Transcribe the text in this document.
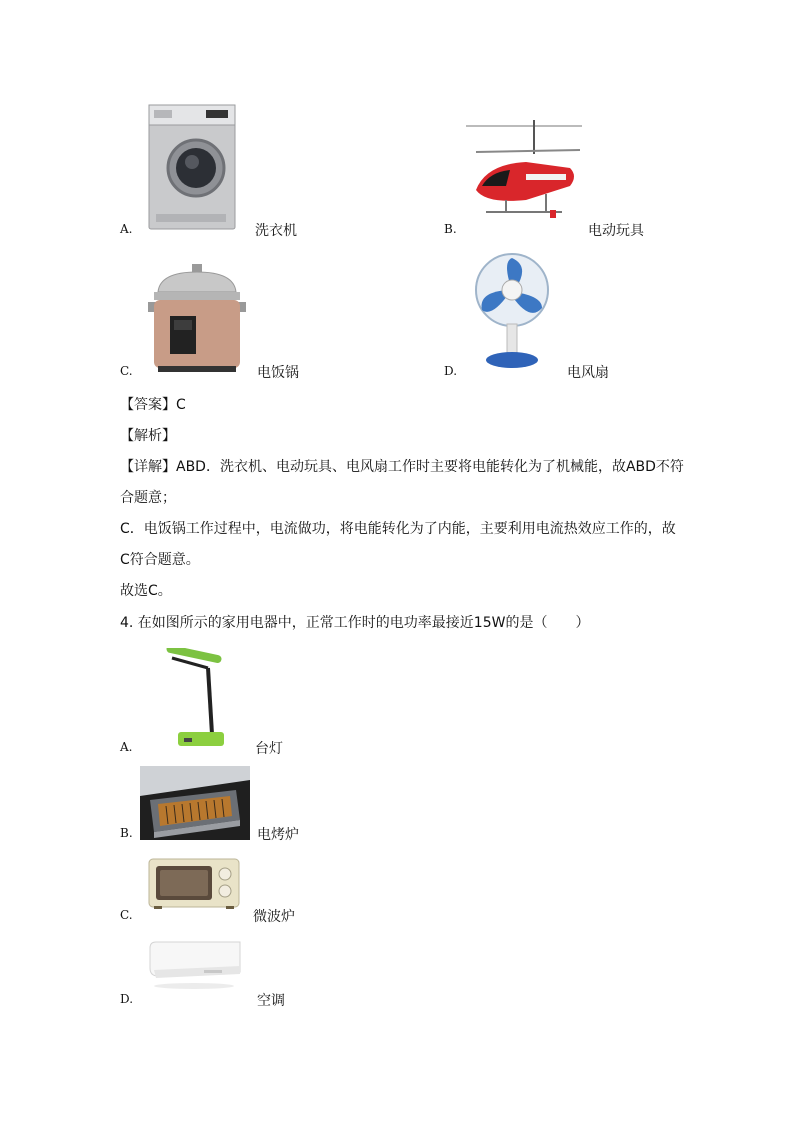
A.	洗衣机	B.	电动玩具
C.	电饭锅	D.	电风扇
【答案】C
【解析】
【详解】ABD．洗衣机、电动玩具、电风扇工作时主要将电能转化为了机械能，故ABD不符
合题意；
C．电饭锅工作过程中，电流做功，将电能转化为了内能，主要利用电流热效应工作的，故
C符合题意。
故选C。
4. 在如图所示的家用电器中，正常工作时的电功率最接近15W的是（　　）
A.	台灯
B.	电烤炉
C.	微波炉
D.	空调
